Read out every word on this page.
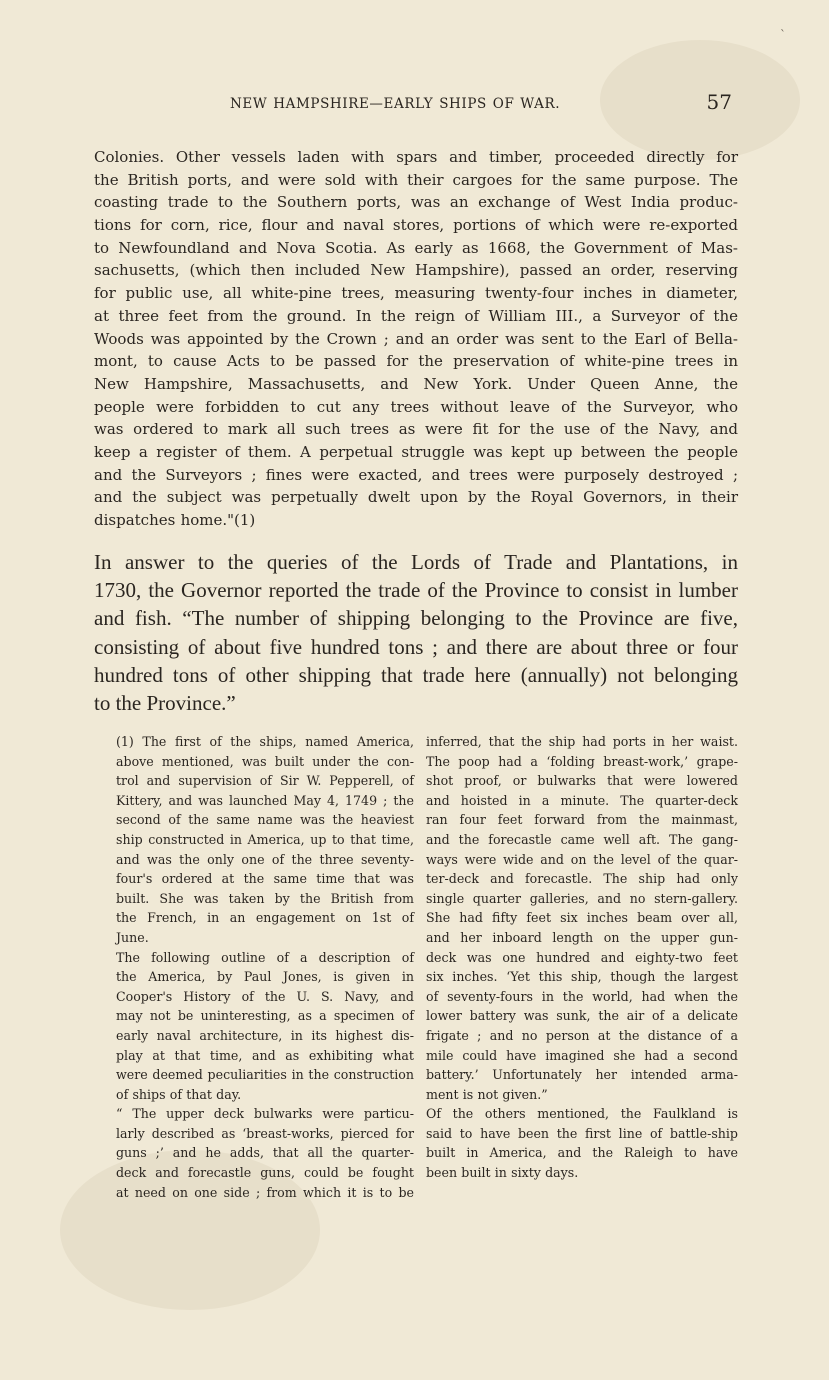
`
NEW HAMPSHIRE—EARLY SHIPS OF WAR.	57
Colonies. Other vessels laden with spars and timber, proceeded directly for
the British ports, and were sold with their cargoes for the same purpose. The
coasting trade to the Southern ports, was an exchange of West India produc-
tions for corn, rice, flour and naval stores, portions of which were re-exported
to Newfoundland and Nova Scotia. As early as 1668, the Government of Mas-
sachusetts, (which then included New Hampshire), passed an order, reserving
for public use, all white-pine trees, measuring twenty-four inches in diameter,
at three feet from the ground. In the reign of William III., a Surveyor of the
Woods was appointed by the Crown ; and an order was sent to the Earl of Bella-
mont, to cause Acts to be passed for the preservation of white-pine trees in
New Hampshire, Massachusetts, and New York. Under Queen Anne, the
people were forbidden to cut any trees without leave of the Surveyor, who
was ordered to mark all such trees as were fit for the use of the Navy, and
keep a register of them. A perpetual struggle was kept up between the people
and the Surveyors ; fines were exacted, and trees were purposely destroyed ;
and the subject was perpetually dwelt upon by the Royal Governors, in their
dispatches home."(1)
In answer to the queries of the Lords of Trade and Plantations, in
1730, the Governor reported the trade of the Province to consist in lumber
and fish. “The number of shipping belonging to the Province are five,
consisting of about five hundred tons ; and there are about three or four
hundred tons of other shipping that trade here (annually) not belonging
to the Province.”
(1) The first of the ships, named America,
above mentioned, was built under the con-
trol and supervision of Sir W. Pepperell, of
Kittery, and was launched May 4, 1749 ; the
second of the same name was the heaviest
ship constructed in America, up to that time,
and was the only one of the three seventy-
four's ordered at the same time that was
built. She was taken by the British from
the French, in an engagement on 1st of
June.
The following outline of a description of
the America, by Paul Jones, is given in
Cooper's History of the U. S. Navy, and
may not be uninteresting, as a specimen of
early naval architecture, in its highest dis-
play at that time, and as exhibiting what
were deemed peculiarities in the construction
of ships of that day.
“ The upper deck bulwarks were particu-
larly described as ‘breast-works, pierced for
guns ;’ and he adds, that all the quarter-
deck and forecastle guns, could be fought
at need on one side ; from which it is to be
inferred, that the ship had ports in her waist.
The poop had a ‘folding breast-work,’ grape-
shot proof, or bulwarks that were lowered
and hoisted in a minute. The quarter-deck
ran four feet forward from the mainmast,
and the forecastle came well aft. The gang-
ways were wide and on the level of the quar-
ter-deck and forecastle. The ship had only
single quarter galleries, and no stern-gallery.
She had fifty feet six inches beam over all,
and her inboard length on the upper gun-
deck was one hundred and eighty-two feet
six inches. ‘Yet this ship, though the largest
of seventy-fours in the world, had when the
lower battery was sunk, the air of a delicate
frigate ; and no person at the distance of a
mile could have imagined she had a second
battery.’ Unfortunately her intended arma-
ment is not given.”
Of the others mentioned, the Faulkland is
said to have been the first line of battle-ship
built in America, and the Raleigh to have
been built in sixty days.
